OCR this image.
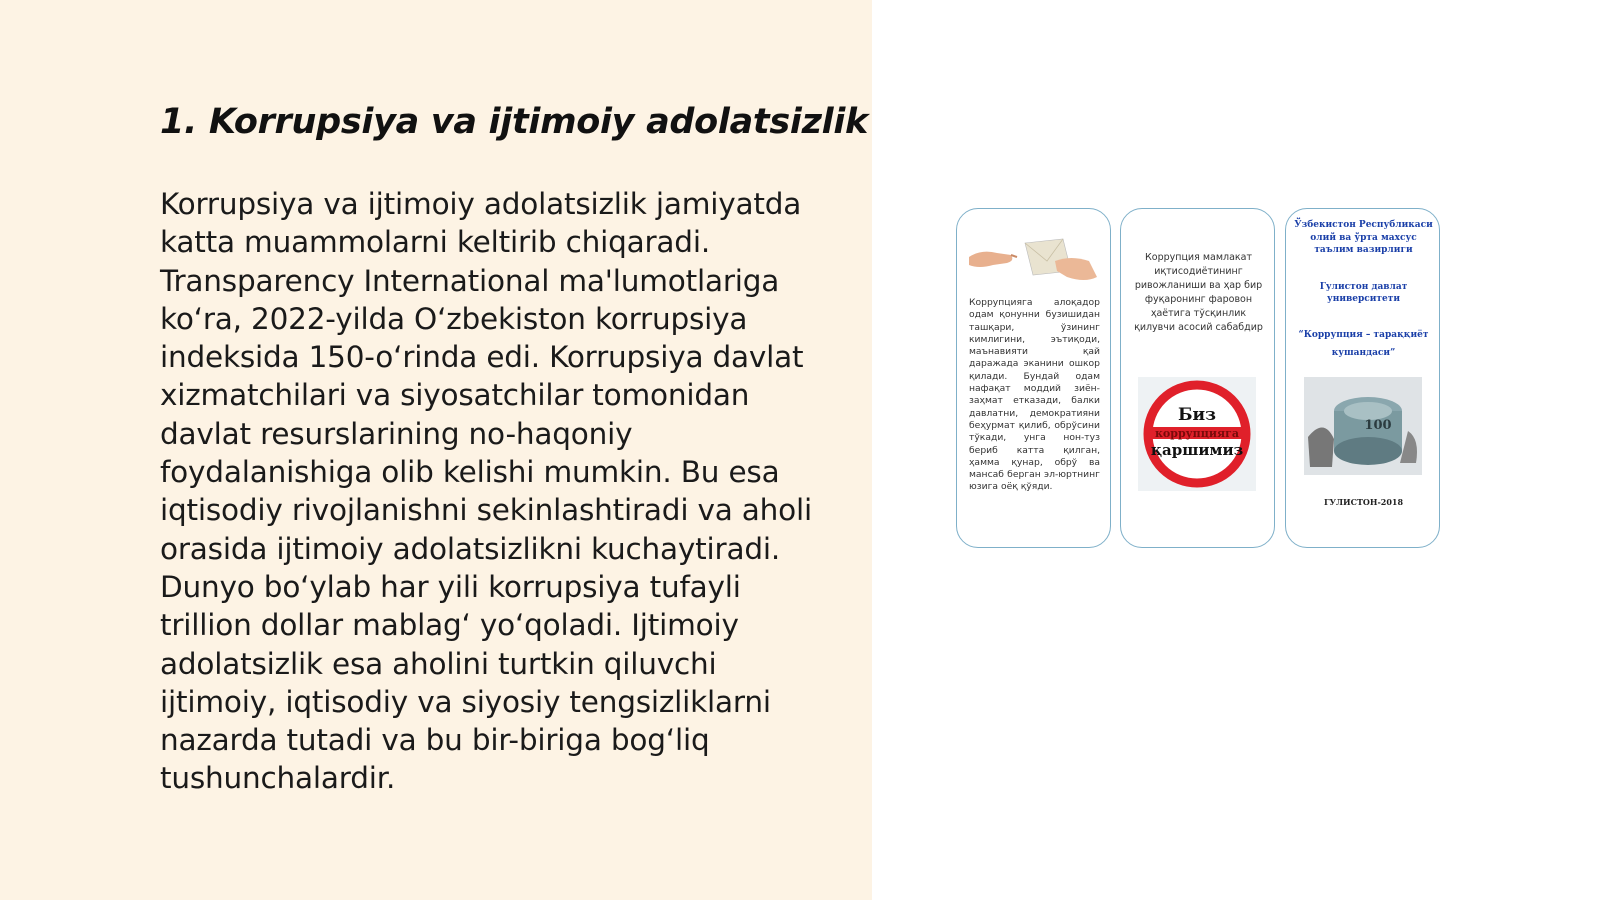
1. Korrupsiya va ijtimoiy adolatsizlik

Korrupsiya va ijtimoiy adolatsizlik jamiyatda katta muammolarni keltirib chiqaradi. Transparency International ma'lumotlariga ko‘ra, 2022-yilda O‘zbekiston korrupsiya indeksida 150-o‘rinda edi. Korrupsiya davlat xizmatchilari va siyosatchilar tomonidan davlat resurslarining no-haqoniy foydalanishiga olib kelishi mumkin. Bu esa iqtisodiy rivojlanishni sekinlashtiradi va aholi orasida ijtimoiy adolatsizlikni kuchaytiradi. Dunyo bo‘ylab har yili korrupsiya tufayli trillion dollar mablag‘ yo‘qoladi. Ijtimoiy adolatsizlik esa aholini turtkin qiluvchi ijtimoiy, iqtisodiy va siyosiy tengsizliklarni nazarda tutadi va bu bir-biriga bog‘liq tushunchalardir.

Коррупцияга алоқадор одам қонунни бузишидан ташқари, ўзининг кимлигини, эътиқоди, маънавияти қай даражада эканини ошкор қилади. Бундай одам нафақат моддий зиён-заҳмат етказади, балки давлатни, демократияни беҳурмат қилиб, обрўсини тўкади, унга нон-туз бериб катта қилган, ҳамма қунар, обрў ва мансаб берган эл-юртнинг юзига оёқ қўяди.

Коррупция мамлакат иқтисодиётининг ривожланиши ва ҳар бир фуқаронинг фаровон ҳаётига тўсқинлик қилувчи асосий сабабдир

Биз
коррупцияга
қаршимиз

Ўзбекистон Республикаси олий ва ўрта махсус таълим вазирлиги

Гулистон давлат университети

“Коррупция – тараққиёт кушандаси”

100

ГУЛИСТОН-2018
